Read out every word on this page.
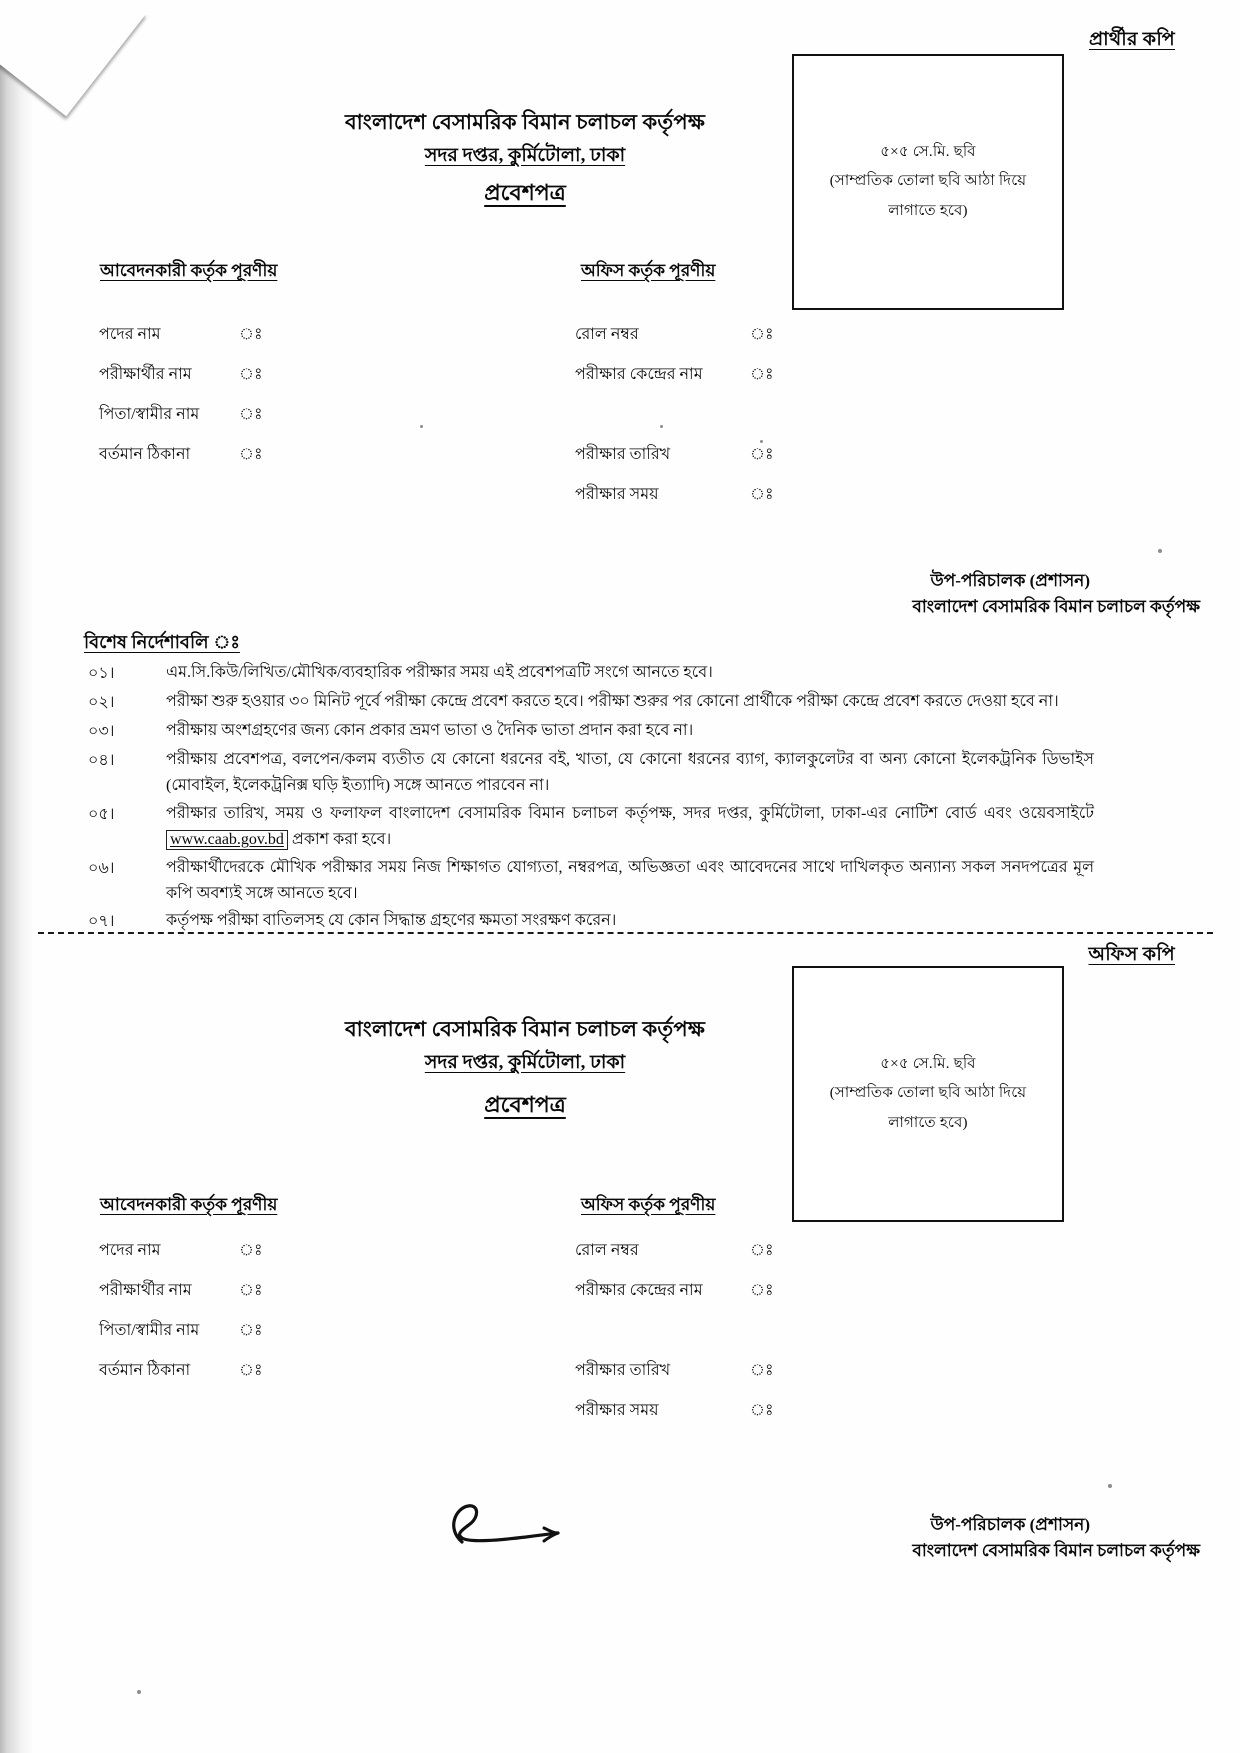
প্রার্থীর কপি
৫×৫ সে.মি. ছবি
(সাম্প্রতিক তোলা ছবি আঠা দিয়ে
লাগাতে হবে)
বাংলাদেশ বেসামরিক বিমান চলাচল কর্তৃপক্ষ
সদর দপ্তর, কুর্মিটোলা, ঢাকা
প্রবেশপত্র
আবেদনকারী কর্তৃক পূরণীয়
পদের নাম	ঃ
পরীক্ষার্থীর নাম	ঃ
পিতা/স্বামীর নাম ঃ
বর্তমান ঠিকানা	ঃ
অফিস কর্তৃক পূরণীয়
রোল নম্বর	ঃ
পরীক্ষার কেন্দ্রের নাম	ঃ
পরীক্ষার তারিখ	ঃ
পরীক্ষার সময়	ঃ
উপ-পরিচালক (প্রশাসন)
বাংলাদেশ বেসামরিক বিমান চলাচল কর্তৃপক্ষ
বিশেষ নির্দেশাবলি ঃ
০১।	এম.সি.কিউ/লিখিত/মৌখিক/ব্যবহারিক পরীক্ষার সময় এই প্রবেশপত্রটি সংগে আনতে হবে।
০২।	পরীক্ষা শুরু হওয়ার ৩০ মিনিট পূর্বে পরীক্ষা কেন্দ্রে প্রবেশ করতে হবে। পরীক্ষা শুরুর পর কোনো প্রার্থীকে পরীক্ষা কেন্দ্রে প্রবেশ করতে দেওয়া হবে না।
০৩।	পরীক্ষায় অংশগ্রহণের জন্য কোন প্রকার ভ্রমণ ভাতা ও দৈনিক ভাতা প্রদান করা হবে না।
০৪।	পরীক্ষায় প্রবেশপত্র, বলপেন/কলম ব্যতীত যে কোনো ধরনের বই, খাতা, যে কোনো ধরনের ব্যাগ, ক্যালকুলেটর বা অন্য কোনো ইলেকট্রনিক ডিভাইস (মোবাইল, ইলেকট্রনিক্স ঘড়ি ইত্যাদি) সঙ্গে আনতে পারবেন না।
০৫।	পরীক্ষার তারিখ, সময় ও ফলাফল বাংলাদেশ বেসামরিক বিমান চলাচল কর্তৃপক্ষ, সদর দপ্তর, কুর্মিটোলা, ঢাকা-এর নোটিশ বোর্ড এবং ওয়েবসাইটে www.caab.gov.bd প্রকাশ করা হবে।
০৬।	পরীক্ষার্থীদেরকে মৌখিক পরীক্ষার সময় নিজ শিক্ষাগত যোগ্যতা, নম্বরপত্র, অভিজ্ঞতা এবং আবেদনের সাথে দাখিলকৃত অন্যান্য সকল সনদপত্রের মূল কপি অবশ্যই সঙ্গে আনতে হবে।
০৭।	কর্তৃপক্ষ পরীক্ষা বাতিলসহ যে কোন সিদ্ধান্ত গ্রহণের ক্ষমতা সংরক্ষণ করেন।
অফিস কপি
৫×৫ সে.মি. ছবি
(সাম্প্রতিক তোলা ছবি আঠা দিয়ে
লাগাতে হবে)
বাংলাদেশ বেসামরিক বিমান চলাচল কর্তৃপক্ষ
সদর দপ্তর, কুর্মিটোলা, ঢাকা
প্রবেশপত্র
আবেদনকারী কর্তৃক পূরণীয়
পদের নাম	ঃ
পরীক্ষার্থীর নাম	ঃ
পিতা/স্বামীর নাম ঃ
বর্তমান ঠিকানা	ঃ
অফিস কর্তৃক পূরণীয়
রোল নম্বর	ঃ
পরীক্ষার কেন্দ্রের নাম	ঃ
পরীক্ষার তারিখ	ঃ
পরীক্ষার সময়	ঃ
উপ-পরিচালক (প্রশাসন)
বাংলাদেশ বেসামরিক বিমান চলাচল কর্তৃপক্ষ
